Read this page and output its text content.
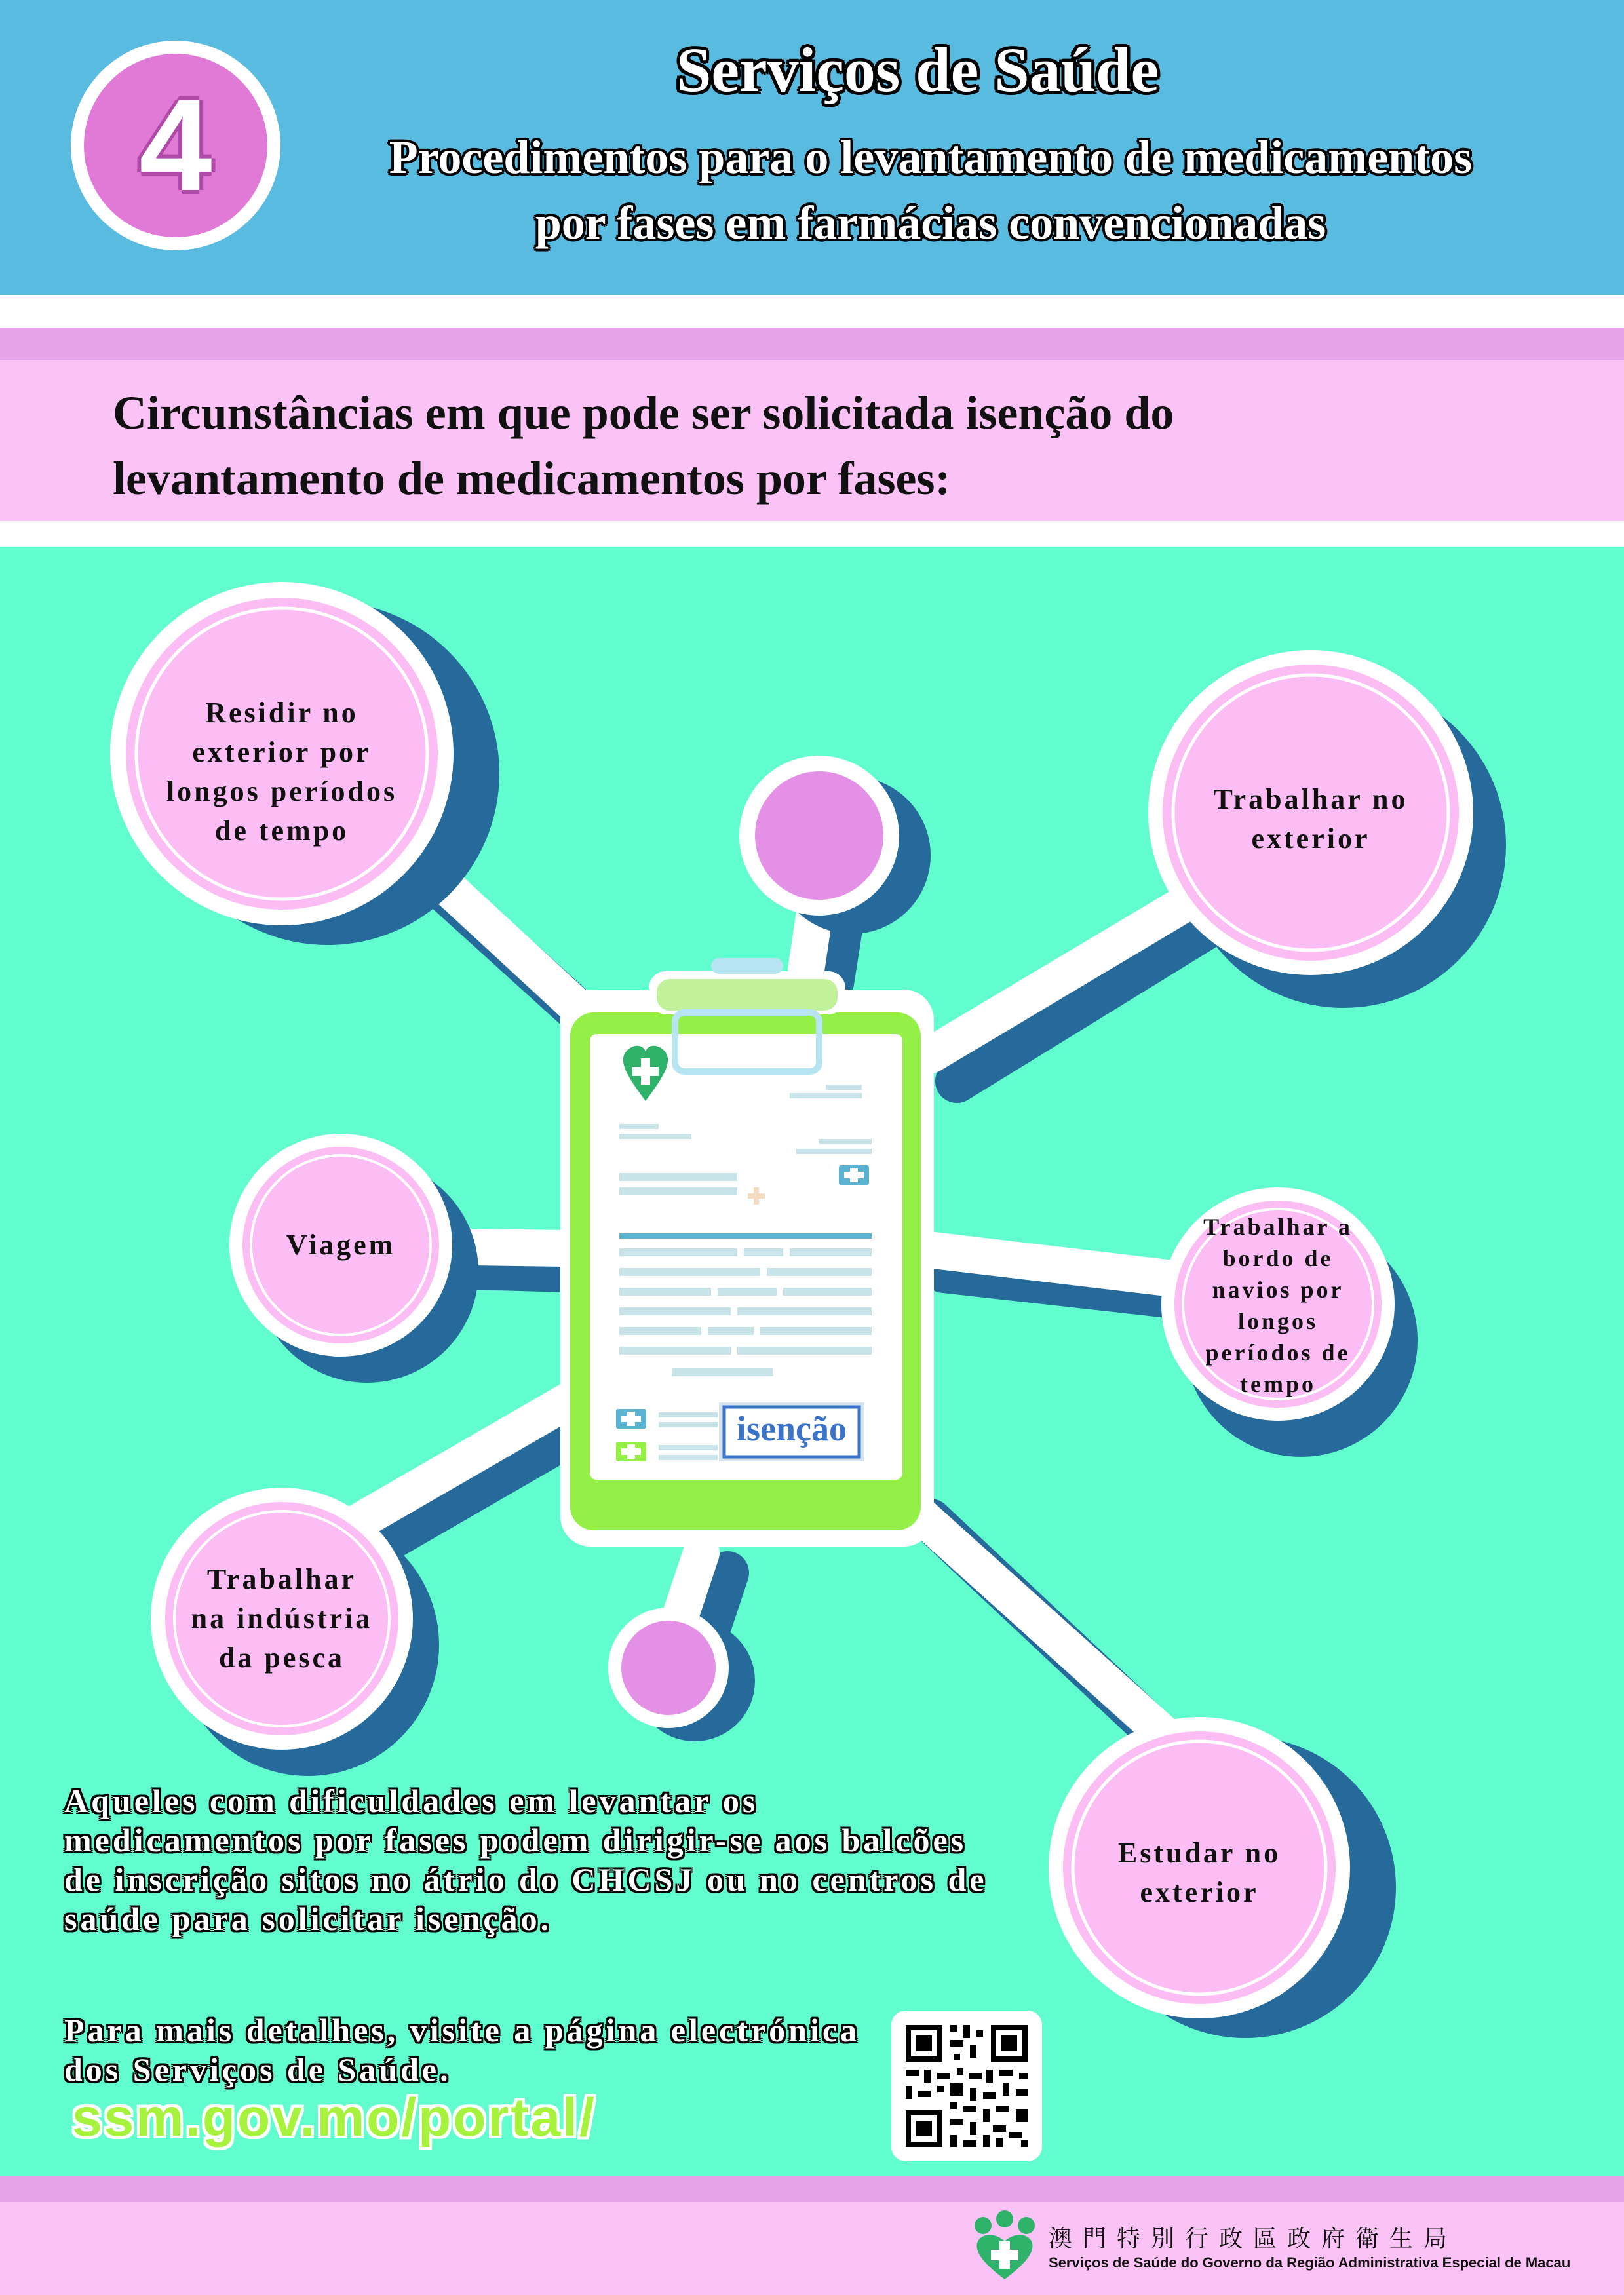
4
Serviços de Saúde
Procedimentos para o levantamento de medicamentos
por fases em farmácias convencionadas
Circunstâncias em que pode ser solicitada isenção do
levantamento de medicamentos por fases:
isenção
Residir no
exterior por
longos períodos
de tempo
Trabalhar no
exterior
Viagem
Trabalhar a
bordo de
navios por
longos
períodos de
tempo
Trabalhar
na indústria
da pesca
Estudar no
exterior
Aqueles com dificuldades em levantar os
medicamentos por fases podem dirigir-se aos balcões
de inscrição sitos no átrio do CHCSJ ou no centros de
saúde para solicitar isenção.
Para mais detalhes, visite a página electrónica
dos Serviços de Saúde.
ssm.gov.mo/portal/
澳門特別行政區政府衛生局
Serviços de Saúde do Governo da Região Administrativa Especial de Macau
